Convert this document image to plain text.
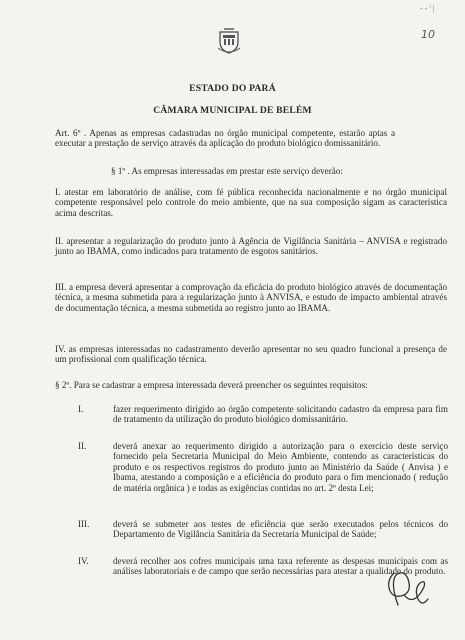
- - ' |
10
ESTADO DO PARÁ
CÂMARA MUNICIPAL DE BELÉM

Art. 6º . Apenas as empresas cadastradas no órgão municipal competente, estarão aptas a executar a prestação de serviço através da aplicação do produto biológico domissanitário.

§ 1º . As empresas interessadas em prestar este serviço deverão:

I. atestar em laboratório de análise, com fé pública reconhecida nacionalmente e no órgão municipal competente responsável pelo controle do meio ambiente, que na sua composição sigam as característica acima descritas.

II. apresentar a regularização do produto junto à Agência de Vigilância Sanitária – ANVISA e registrado junto ao IBAMA, como indicados para tratamento de esgotos sanitários.

III. a empresa deverá apresentar a comprovação da eficácia do produto biológico através de documentação técnica, a mesma submetida para a regularização junto à ANVISA, e estudo de impacto ambiental através de documentação técnica, a mesma submetida ao registro junto ao IBAMA.

IV. as empresas interessadas no cadastramento deverão apresentar no seu quadro funcional a presença de um profissional com qualificação técnica.

§ 2º. Para se cadastrar a empresa interessada deverá preencher os seguintes requisitos:

I.	fazer requerimento dirigido ao órgão competente solicitando cadastro da empresa para fim de tratamento da utilização do produto biológico domissanitário.
II.	deverá anexar ao requerimento dirigido a autorização para o exercício deste serviço fornecido pela Secretaria Municipal do Meio Ambiente, contendo as características do produto e os respectivos registros do produto junto ao Ministério da Saúde ( Anvisa ) e Ibama, atestando a composição e a eficiência do produto para o fim mencionado ( redução de matéria orgânica ) e todas as exigências contidas no art. 2º desta Lei;
III.	deverá se submeter aos testes de eficiência que serão executados pelos técnicos do Departamento de Vigilância Sanitária da Secretaria Municipal de Saúde;
IV.	deverá recolher aos cofres municipais uma taxa referente as despesas municipais com as análises laboratoriais e de campo que serão necessárias para atestar a qualidade do produto.
